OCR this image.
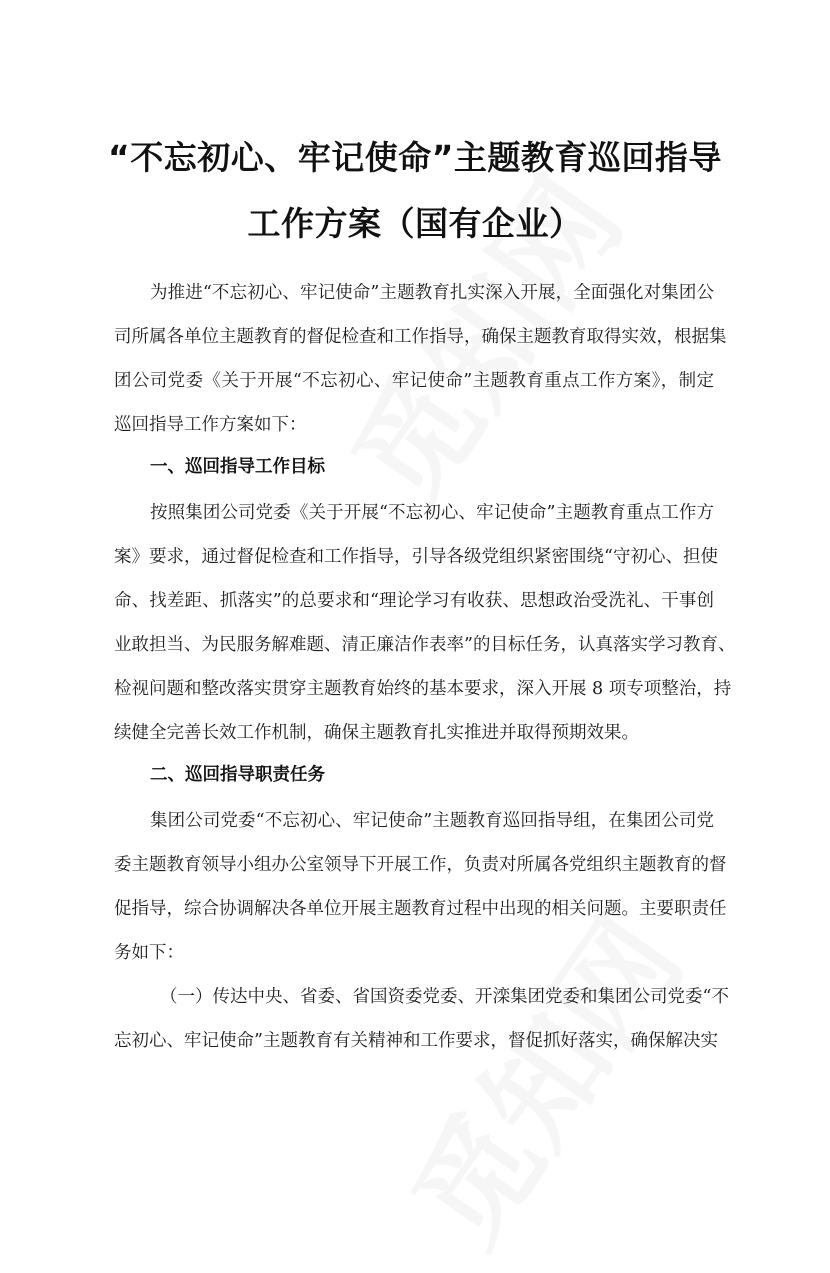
“不忘初心、牢记使命”主题教育巡回指导
工作方案（国有企业）
为推进“不忘初心、牢记使命”主题教育扎实深入开展，全面强化对集团公
司所属各单位主题教育的督促检查和工作指导，确保主题教育取得实效，根据集
团公司党委《关于开展“不忘初心、牢记使命”主题教育重点工作方案》，制定
巡回指导工作方案如下：
一、巡回指导工作目标
按照集团公司党委《关于开展“不忘初心、牢记使命”主题教育重点工作方
案》要求，通过督促检查和工作指导，引导各级党组织紧密围绕“守初心、担使
命、找差距、抓落实”的总要求和“理论学习有收获、思想政治受洗礼、干事创
业敢担当、为民服务解难题、清正廉洁作表率”的目标任务，认真落实学习教育、
检视问题和整改落实贯穿主题教育始终的基本要求，深入开展 8 项专项整治，持
续健全完善长效工作机制，确保主题教育扎实推进并取得预期效果。
二、巡回指导职责任务
集团公司党委“不忘初心、牢记使命”主题教育巡回指导组，在集团公司党
委主题教育领导小组办公室领导下开展工作，负责对所属各党组织主题教育的督
促指导，综合协调解决各单位开展主题教育过程中出现的相关问题。主要职责任
务如下：
（一）传达中央、省委、省国资委党委、开滦集团党委和集团公司党委“不
忘初心、牢记使命”主题教育有关精神和工作要求，督促抓好落实，确保解决实
